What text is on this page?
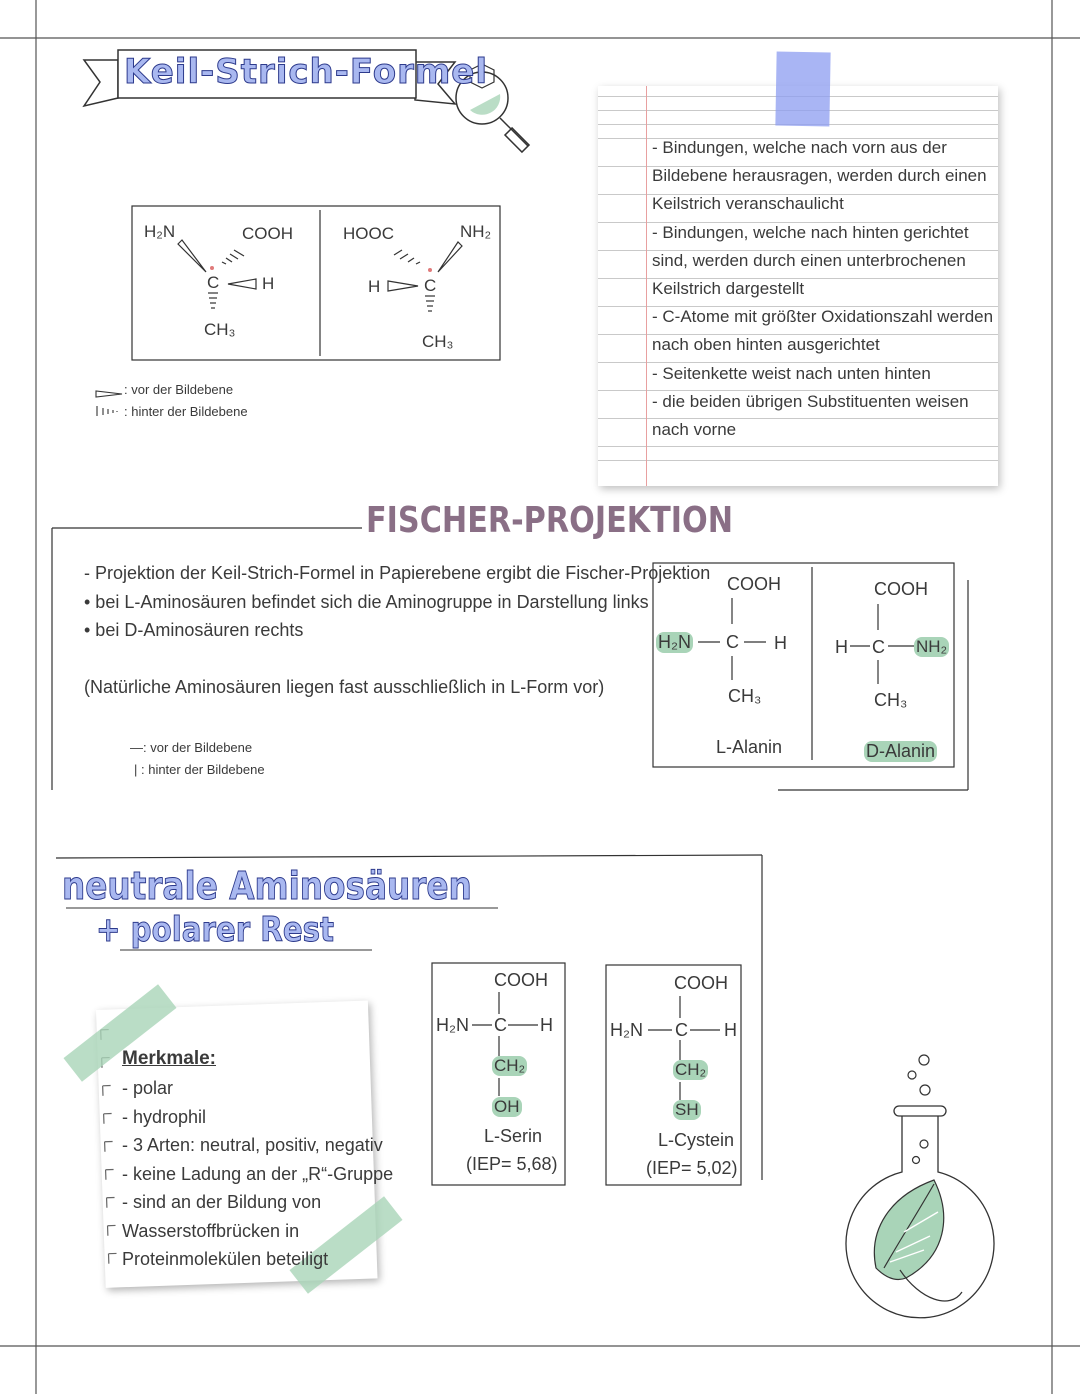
Keil-Strich-Formel
H₂N	COOH
C	H
CH₃
HOOC	NH₂
C
H
CH₃
: vor der Bildebene
: hinter der Bildebene
- Bindungen, welche nach vorn aus der
Bildebene herausragen, werden durch einen
Keilstrich veranschaulicht
- Bindungen, welche nach hinten gerichtet
sind, werden durch einen unterbrochenen
Keilstrich dargestellt
- C-Atome mit größter Oxidationszahl werden
nach oben hinten ausgerichtet
- Seitenkette weist nach unten hinten
- die beiden übrigen Substituenten weisen
nach vorne
FISCHER-PROJEKTION
- Projektion der Keil-Strich-Formel in Papierebene ergibt die Fischer-Projektion
• bei L-Aminosäuren befindet sich die Aminogruppe in Darstellung links
• bei D-Aminosäuren rechts
(Natürliche Aminosäuren liegen fast ausschließlich in L-Form vor)
—: vor der Bildebene
| : hinter der Bildebene
COOH
H₂N C H
CH₃
L-Alanin
COOH
H C NH₂
CH₃
D-Alanin
neutrale Aminosäuren
+ polarer Rest
Merkmale:
- polar
- hydrophil
- 3 Arten: neutral, positiv, negativ
- keine Ladung an der „R“-Gruppe
- sind an der Bildung von
Wasserstoffbrücken in
Proteinmolekülen beteiligt
COOH
H₂N C H
CH₂
OH
L-Serin
(IEP= 5,68)
COOH
H₂N C H
CH₂
SH
L-Cystein
(IEP= 5,02)
